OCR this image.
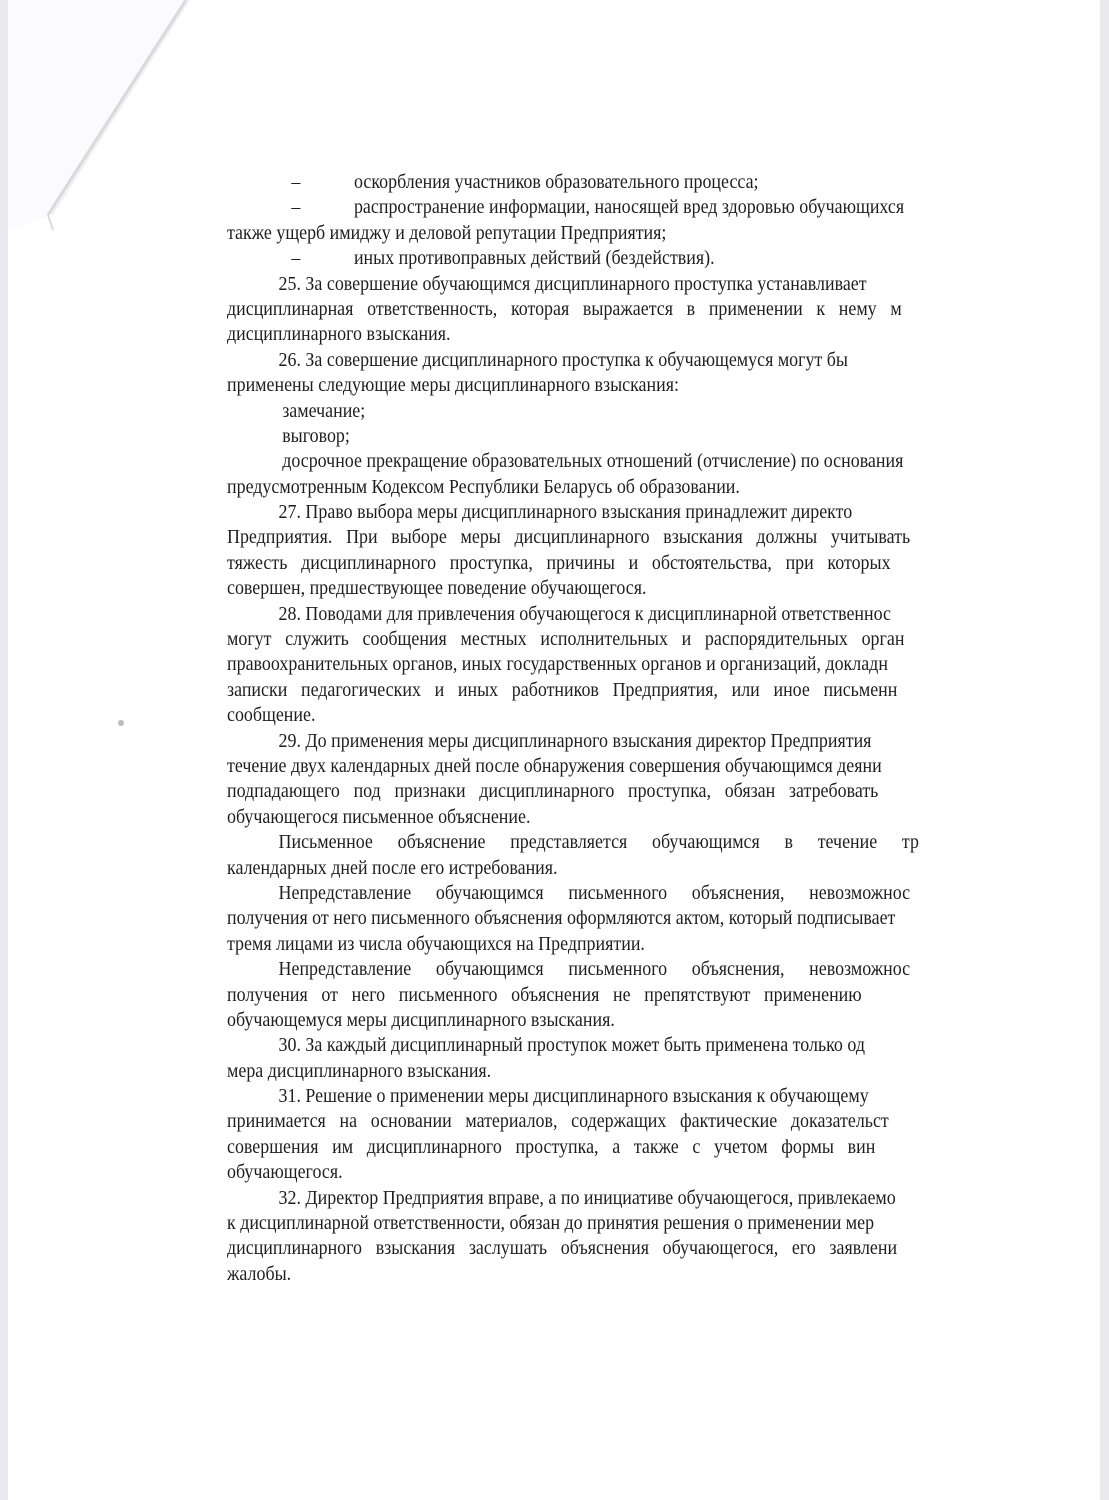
–	оскорбления участников образовательного процесса;
–	распространение информации, наносящей вред здоровью обучающихся
также ущерб имиджу и деловой репутации Предприятия;
–	иных противоправных действий (бездействия).
25. За совершение обучающимся дисциплинарного проступка устанавливает
дисциплинарная ответственность, которая выражается в применении к нему м
дисциплинарного взыскания.
26. За совершение дисциплинарного проступка к обучающемуся могут бы
применены следующие меры дисциплинарного взыскания:
замечание;
выговор;
досрочное прекращение образовательных отношений (отчисление) по основания
предусмотренным Кодексом Республики Беларусь об образовании.
27. Право выбора меры дисциплинарного взыскания принадлежит директо
Предприятия. При выборе меры дисциплинарного взыскания должны учитывать
тяжесть дисциплинарного проступка, причины и обстоятельства, при которых
совершен, предшествующее поведение обучающегося.
28. Поводами для привлечения обучающегося к дисциплинарной ответственнос
могут служить сообщения местных исполнительных и распорядительных орган
правоохранительных органов, иных государственных органов и организаций, докладн
записки педагогических и иных работников Предприятия, или иное письменн
сообщение.
29. До применения меры дисциплинарного взыскания директор Предприятия
течение двух календарных дней после обнаружения совершения обучающимся деяни
подпадающего под признаки дисциплинарного проступка, обязан затребовать
обучающегося письменное объяснение.
Письменное объяснение представляется обучающимся в течение тр
календарных дней после его истребования.
Непредставление обучающимся письменного объяснения, невозможнос
получения от него письменного объяснения оформляются актом, который подписывает
тремя лицами из числа обучающихся на Предприятии.
Непредставление обучающимся письменного объяснения, невозможнос
получения от него письменного объяснения не препятствуют применению
обучающемуся меры дисциплинарного взыскания.
30. За каждый дисциплинарный проступок может быть применена только од
мера дисциплинарного взыскания.
31. Решение о применении меры дисциплинарного взыскания к обучающему
принимается на основании материалов, содержащих фактические доказательст
совершения им дисциплинарного проступка, а также с учетом формы вин
обучающегося.
32. Директор Предприятия вправе, а по инициативе обучающегося, привлекаемо
к дисциплинарной ответственности, обязан до принятия решения о применении мер
дисциплинарного взыскания заслушать объяснения обучающегося, его заявлени
жалобы.
